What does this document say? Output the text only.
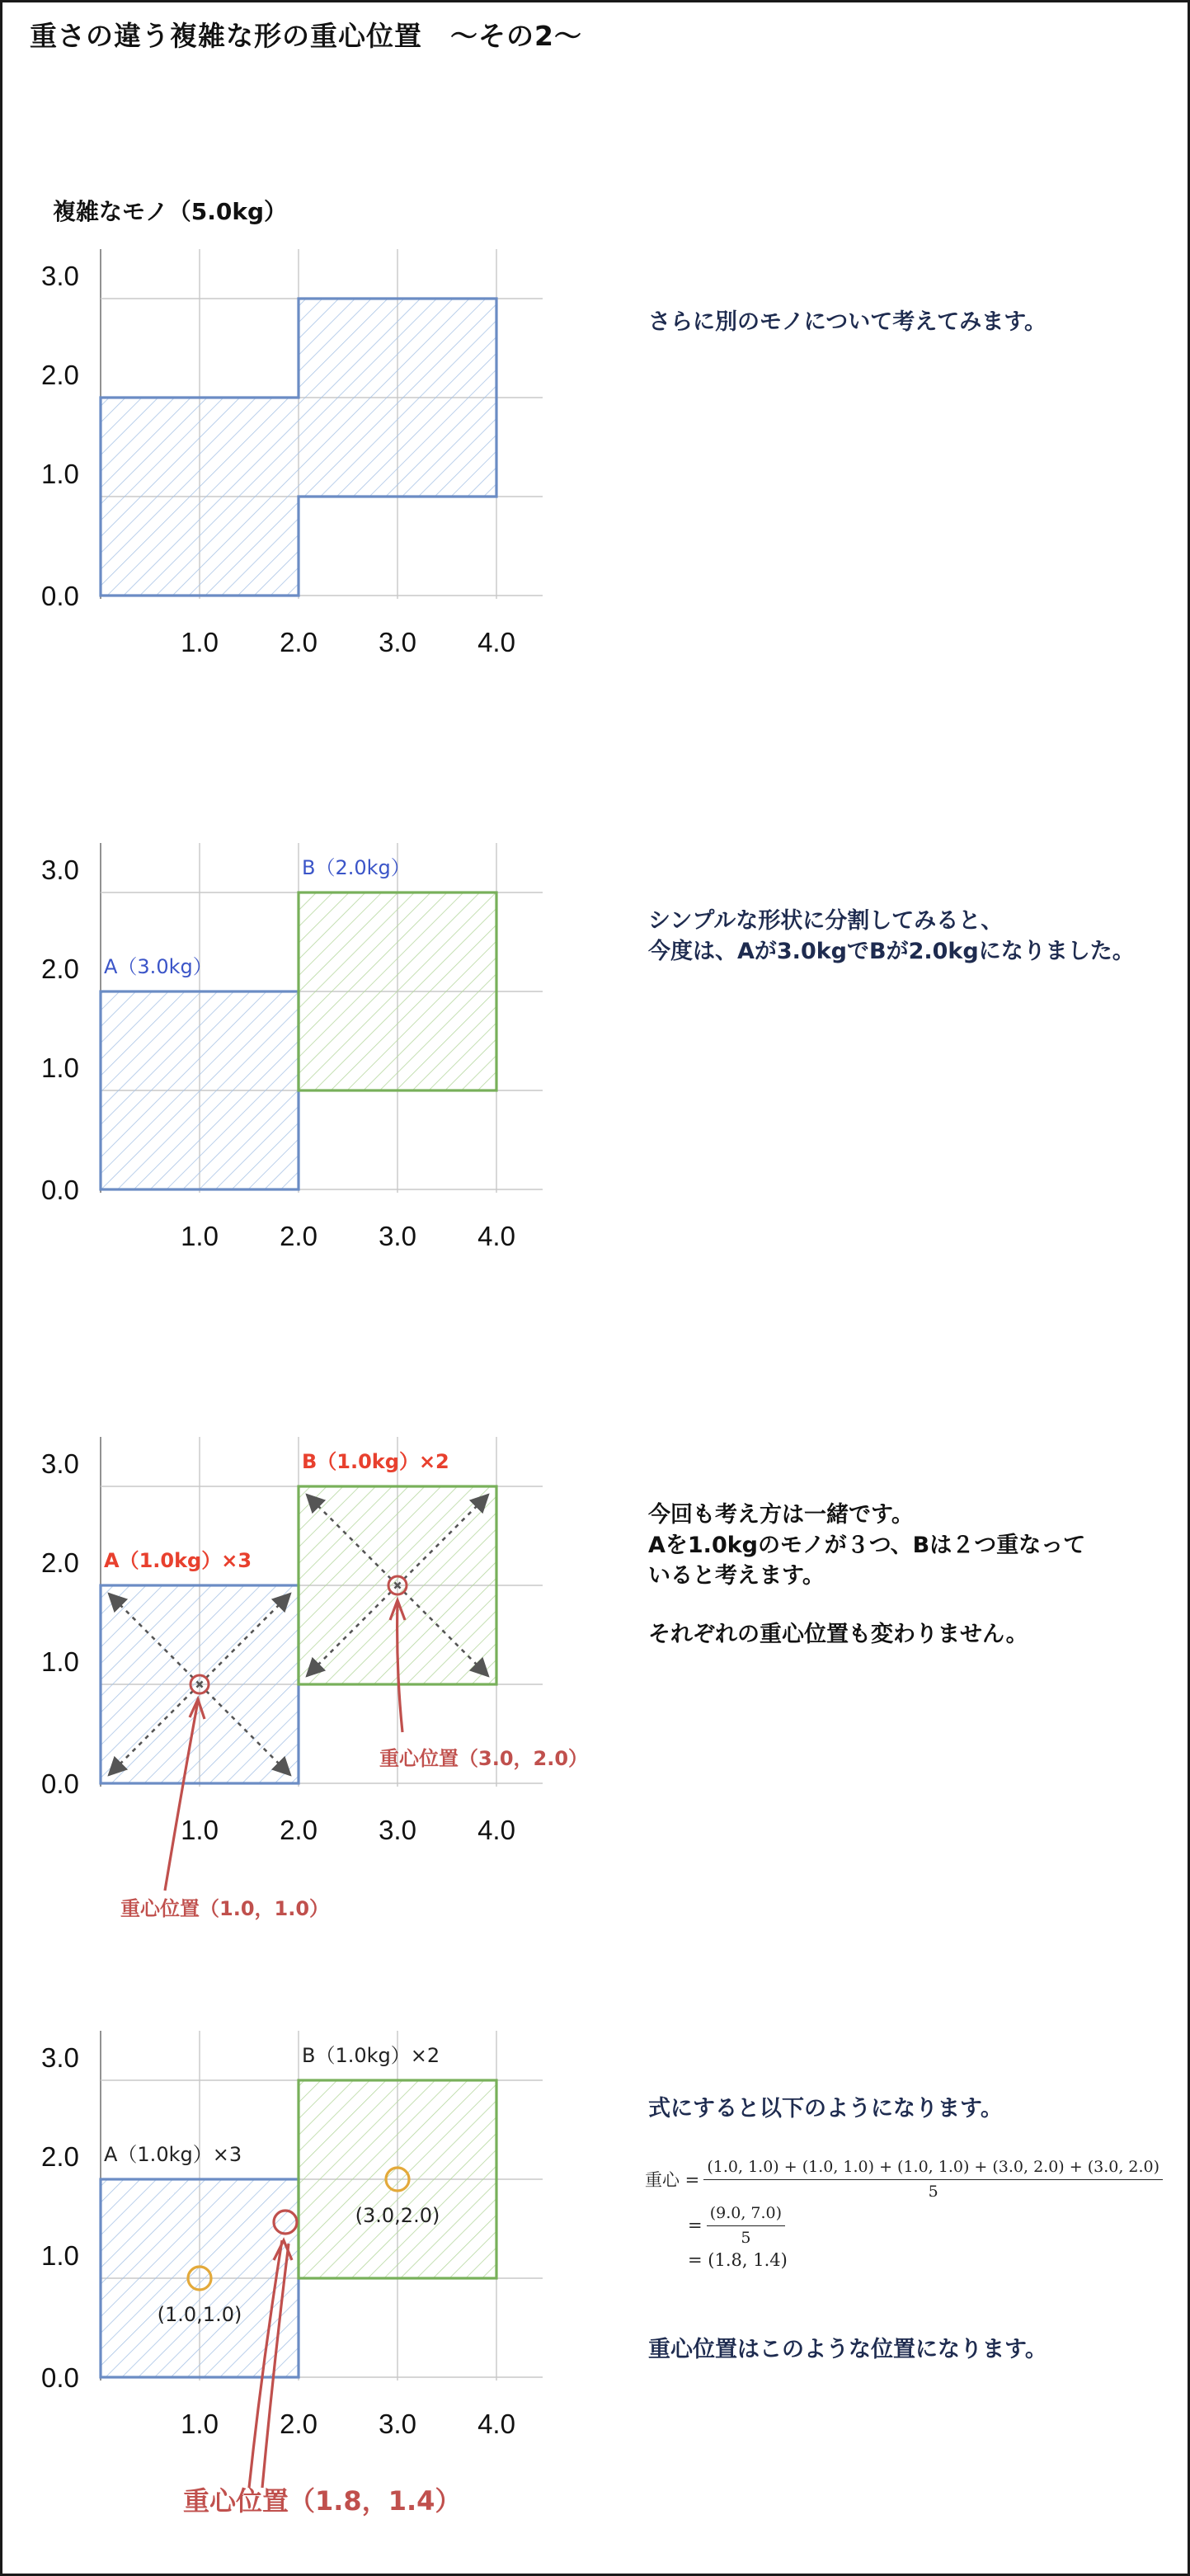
重さの違う複雑な形の重心位置　～その2～
1.0 2.0 3.0 4.0
0.0
1.0
2.0
3.0
複雑なモノ（5.0kg）
1.0 2.0 3.0 4.0
0.0
1.0
2.0
3.0
1.0 2.0 3.0 4.0
0.0
1.0
2.0
3.0
1.0 2.0 3.0 4.0
0.0
1.0
2.0
3.0
A（3.0kg）
B（2.0kg）
A（1.0kg）×3
B（1.0kg）×2
重心位置（1.0，1.0）
重心位置（3.0，2.0）
A（1.0kg）×3
B（1.0kg）×2
(1.0,1.0)
(3.0,2.0)
重心位置（1.8，1.4）
さらに別のモノについて考えてみます。
シンプルな形状に分割してみると、
今度は、Aが3.0kgでBが2.0kgになりました。
今回も考え方は一緒です。
Aを1.0kgのモノが３つ、Bは２つ重なって
いると考えます。
それぞれの重心位置も変わりません。
式にすると以下のようになります。
重心位置はこのような位置になります。
重心 =
(1.0, 1.0) + (1.0, 1.0) + (1.0, 1.0) + (3.0, 2.0) + (3.0, 2.0)
5
= $\frac{(9.0, 7.0)}{5}$
= (1.8, 1.4)
